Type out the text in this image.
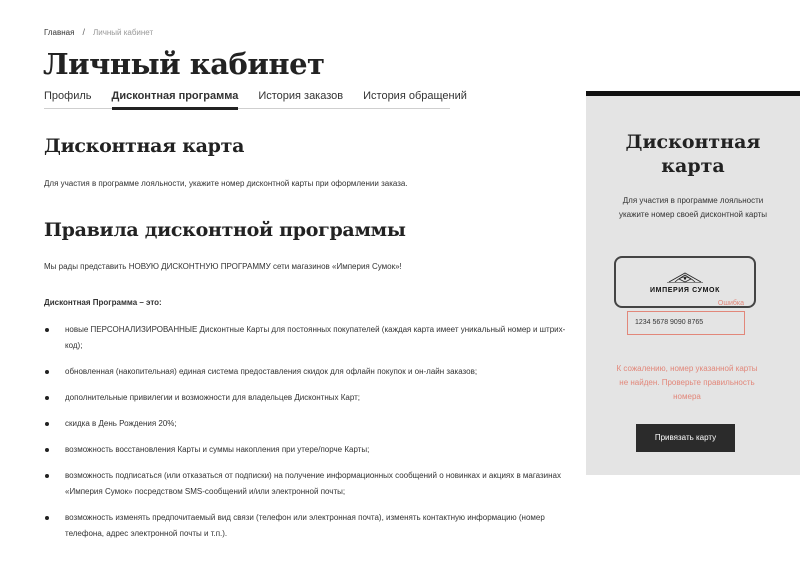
Главная / Личный кабинет
Личный кабинет
Профиль Дисконтная программа История заказов История обращений
Дисконтная карта

Для участия в программе лояльности, укажите номер дисконтной карты при оформлении заказа.

Правила дисконтной программы

Мы рады представить НОВУЮ ДИСКОНТНУЮ ПРОГРАММУ сети магазинов «Империя Сумок»!

Дисконтная Программа – это:

новые ПЕРСОНАЛИЗИРОВАННЫЕ Дисконтные Карты для постоянных покупателей (каждая карта имеет уникальный номер и штрих-код);
обновленная (накопительная) единая система предоставления скидок для офлайн покупок и он-лайн заказов;
дополнительные привилегии и возможности для владельцев Дисконтных Карт;
скидка в День Рождения 20%;
возможность восстановления Карты и суммы накопления при утере/порче Карты;
возможность подписаться (или отказаться от подписки) на получение информационных сообщений о новинках и акциях в магазинах «Империя Сумок» посредством SMS-сообщений и/или электронной почты;
возможность изменять предпочитаемый вид связи (телефон или электронная почта), изменять контактную информацию (номер телефона, адрес электронной почты и т.п.).
Дисконтная
карта
Для участия в программе лояльности укажите номер своей дисконтной карты
ИМПЕРИЯ СУМОК
Ошибка
1234 5678 9090 8765
К сожалению, номер указанной карты не найден. Проверьте правильность номера
Привязать карту
